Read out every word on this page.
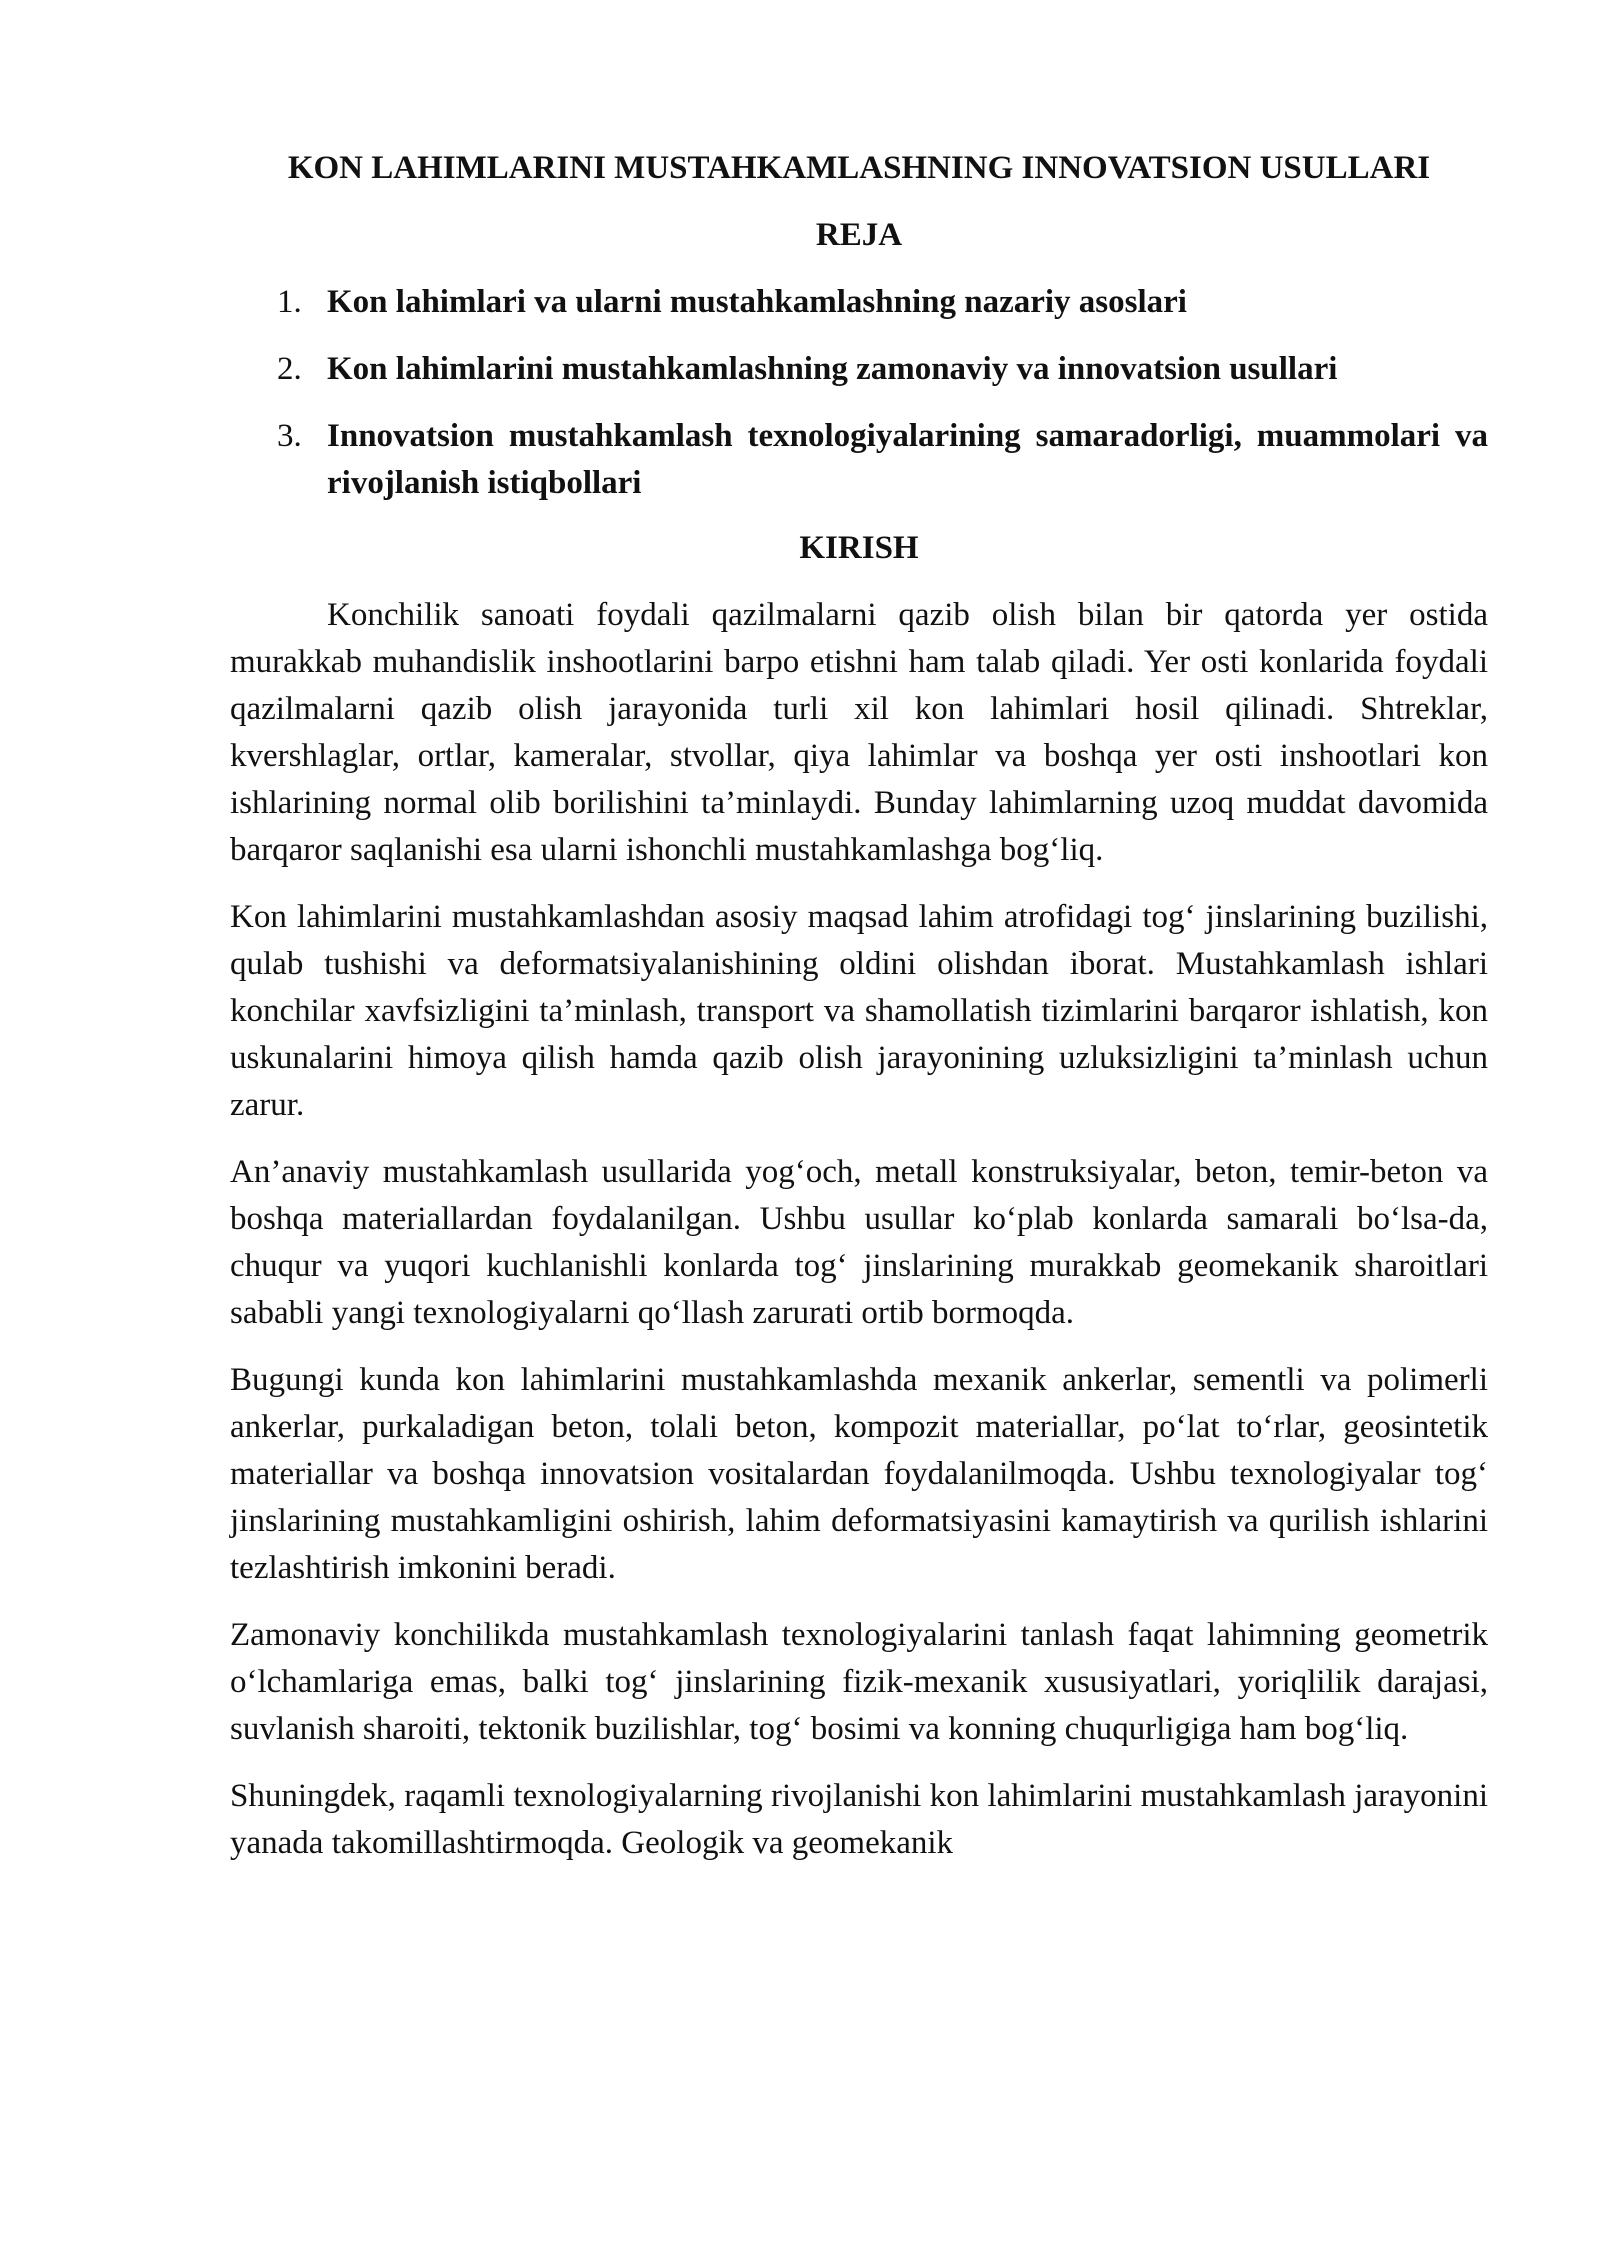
KON LAHIMLARINI MUSTAHKAMLASHNING INNOVATSION USULLARI
REJA
1. Kon lahimlari va ularni mustahkamlashning nazariy asoslari
2. Kon lahimlarini mustahkamlashning zamonaviy va innovatsion usullari
3. Innovatsion mustahkamlash texnologiyalarining samaradorligi, muammolari va rivojlanish istiqbollari
KIRISH

Konchilik sanoati foydali qazilmalarni qazib olish bilan bir qatorda yer ostida murakkab muhandislik inshootlarini barpo etishni ham talab qiladi. Yer osti konlarida foydali qazilmalarni qazib olish jarayonida turli xil kon lahimlari hosil qilinadi. Shtreklar, kvershlaglar, ortlar, kameralar, stvollar, qiya lahimlar va boshqa yer osti inshootlari kon ishlarining normal olib borilishini ta’minlaydi. Bunday lahimlarning uzoq muddat davomida barqaror saqlanishi esa ularni ishonchli mustahkamlashga bog‘liq.

Kon lahimlarini mustahkamlashdan asosiy maqsad lahim atrofidagi tog‘ jinslarining buzilishi, qulab tushishi va deformatsiyalanishining oldini olishdan iborat. Mustahkamlash ishlari konchilar xavfsizligini ta’minlash, transport va shamollatish tizimlarini barqaror ishlatish, kon uskunalarini himoya qilish hamda qazib olish jarayonining uzluksizligini ta’minlash uchun zarur.

An’anaviy mustahkamlash usullarida yog‘och, metall konstruksiyalar, beton, temir-beton va boshqa materiallardan foydalanilgan. Ushbu usullar ko‘plab konlarda samarali bo‘lsa-da, chuqur va yuqori kuchlanishli konlarda tog‘ jinslarining murakkab geomekanik sharoitlari sababli yangi texnologiyalarni qo‘llash zarurati ortib bormoqda.

Bugungi kunda kon lahimlarini mustahkamlashda mexanik ankerlar, sementli va polimerli ankerlar, purkaladigan beton, tolali beton, kompozit materiallar, po‘lat to‘rlar, geosintetik materiallar va boshqa innovatsion vositalardan foydalanilmoqda. Ushbu texnologiyalar tog‘ jinslarining mustahkamligini oshirish, lahim deformatsiyasini kamaytirish va qurilish ishlarini tezlashtirish imkonini beradi.

Zamonaviy konchilikda mustahkamlash texnologiyalarini tanlash faqat lahimning geometrik o‘lchamlariga emas, balki tog‘ jinslarining fizik-mexanik xususiyatlari, yoriqlilik darajasi, suvlanish sharoiti, tektonik buzilishlar, tog‘ bosimi va konning chuqurligiga ham bog‘liq.

Shuningdek, raqamli texnologiyalarning rivojlanishi kon lahimlarini mustahkamlash jarayonini yanada takomillashtirmoqda. Geologik va geomekanik
